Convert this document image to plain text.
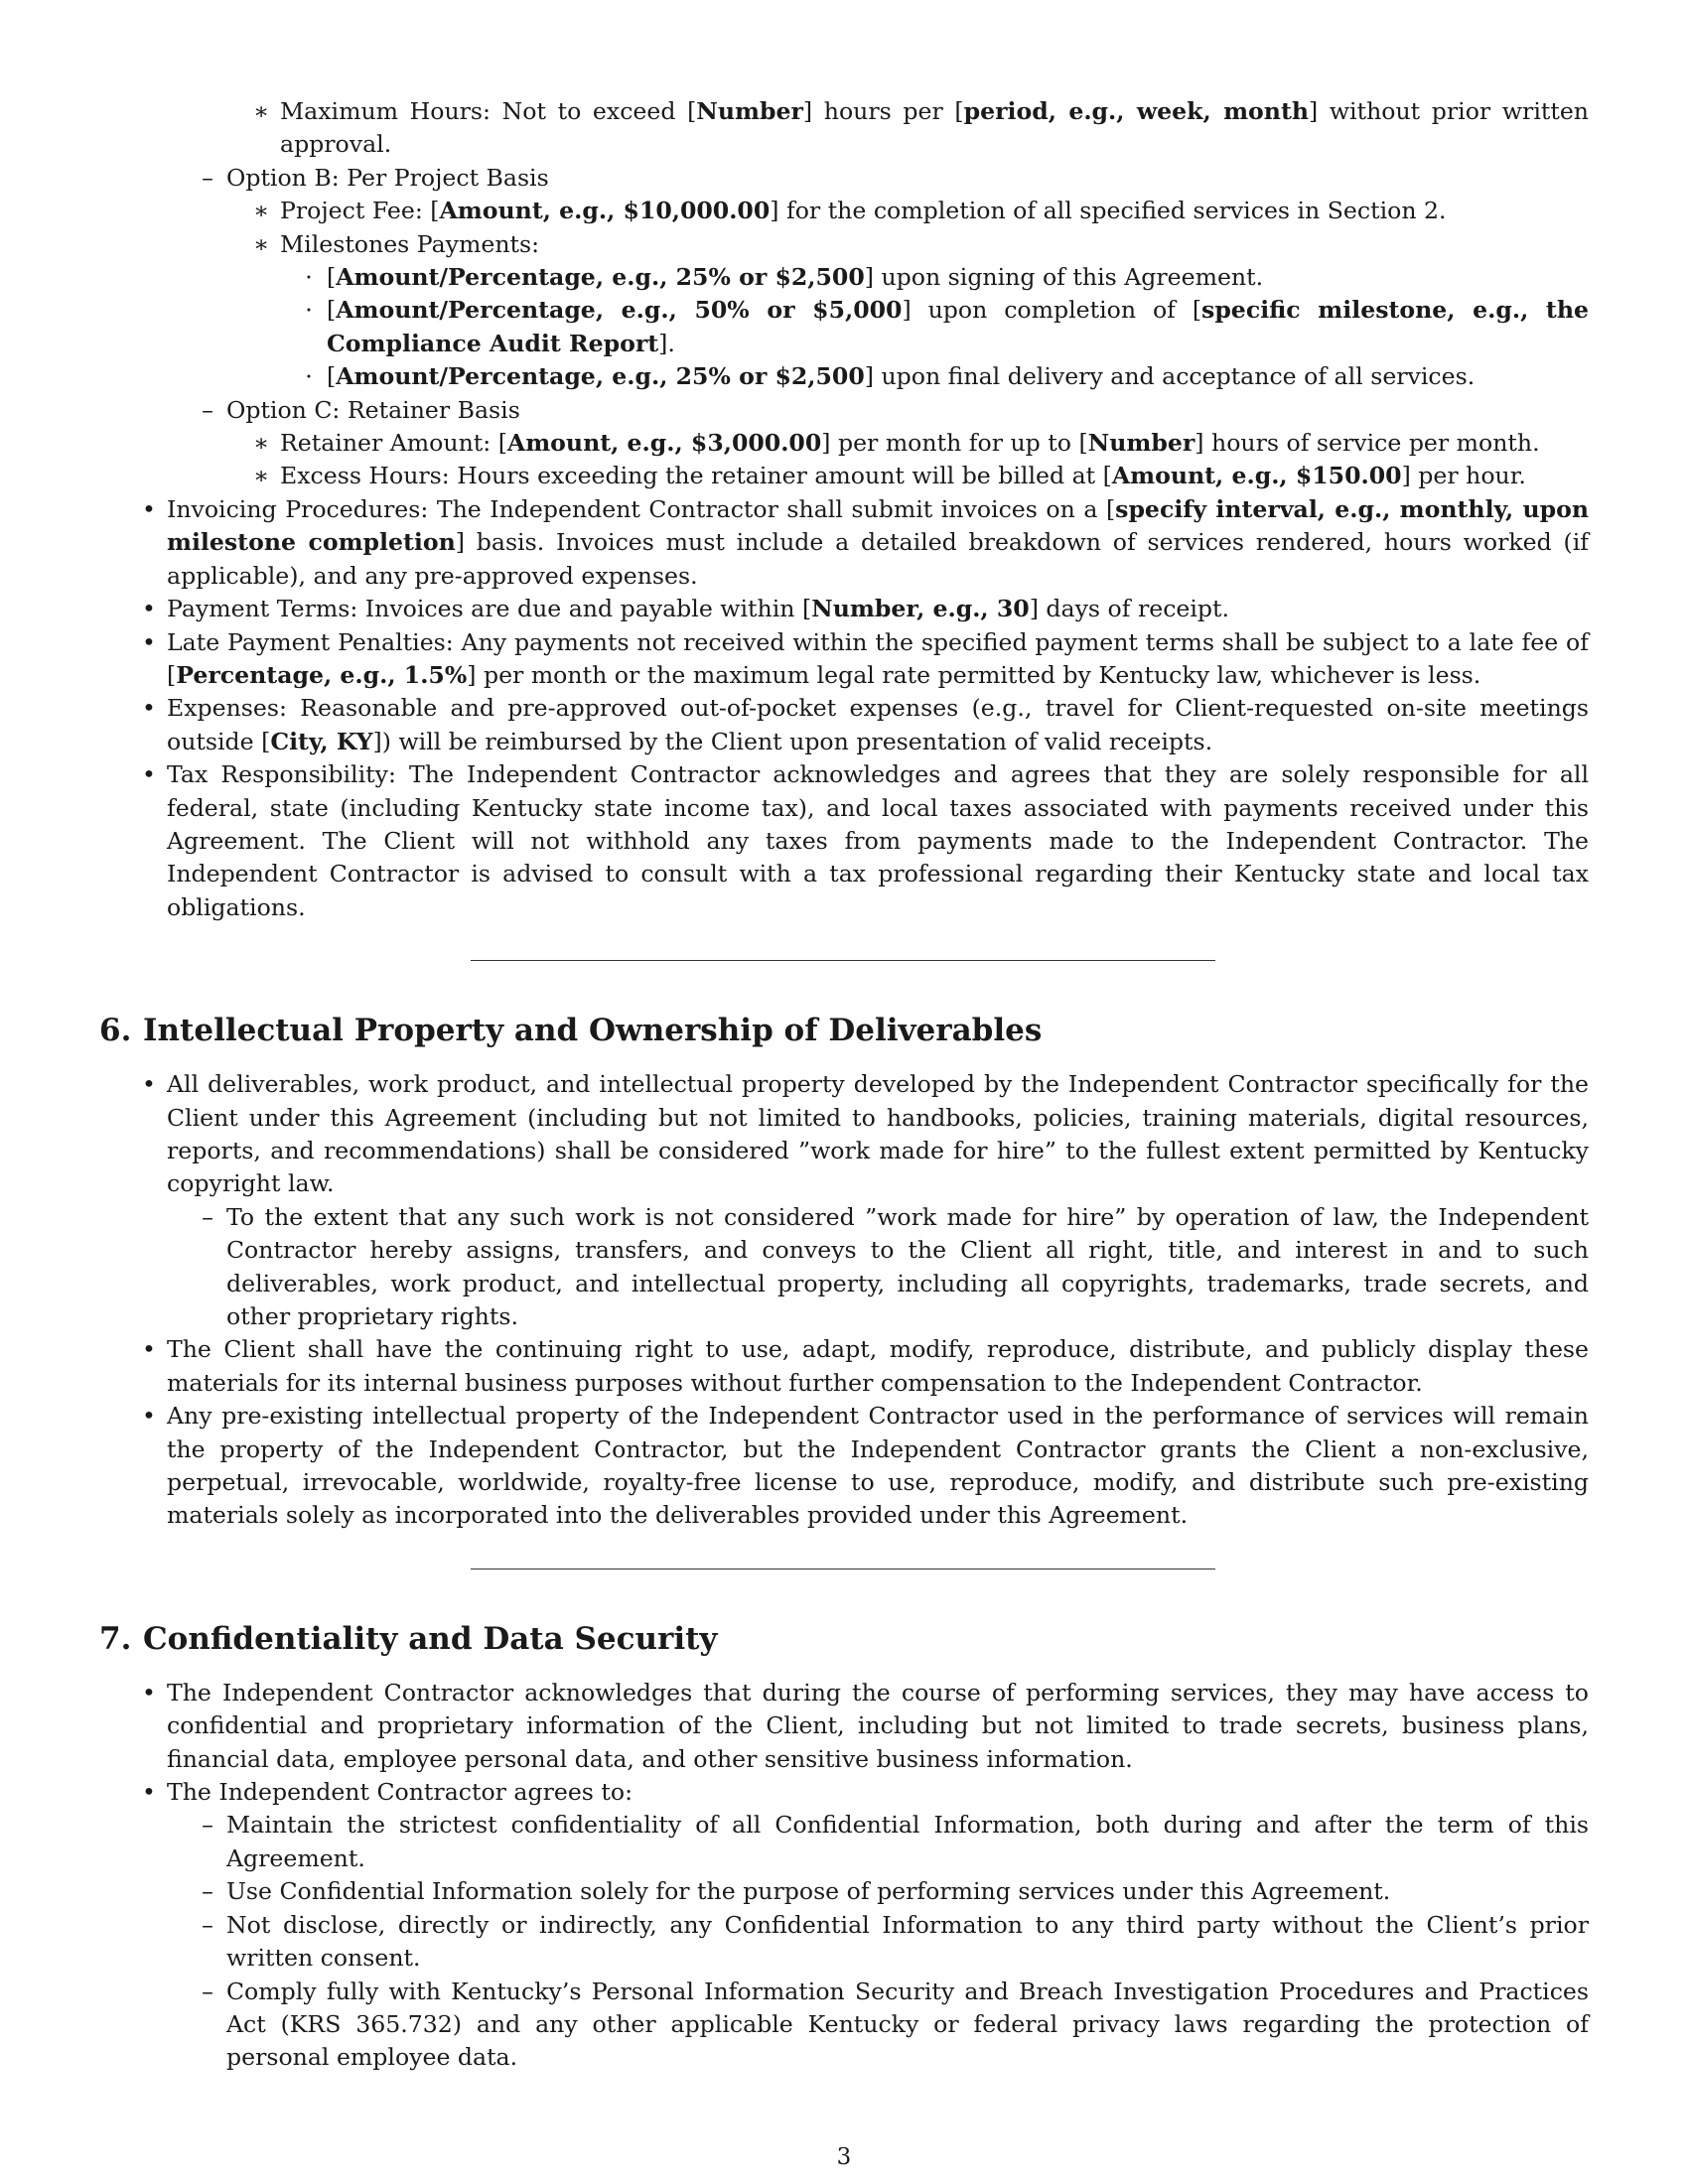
∗ Maximum Hours: Not to exceed [Number] hours per [period, e.g., week, month] without prior written approval.
– Option B: Per Project Basis
∗ Project Fee: [Amount, e.g., $10,000.00] for the completion of all specified services in Section 2.
∗ Milestones Payments:
· [Amount/Percentage, e.g., 25% or $2,500] upon signing of this Agreement.
· [Amount/Percentage, e.g., 50% or $5,000] upon completion of [specific milestone, e.g., the Compliance Audit Report].
· [Amount/Percentage, e.g., 25% or $2,500] upon final delivery and acceptance of all services.
– Option C: Retainer Basis
∗ Retainer Amount: [Amount, e.g., $3,000.00] per month for up to [Number] hours of service per month.
∗ Excess Hours: Hours exceeding the retainer amount will be billed at [Amount, e.g., $150.00] per hour.
• Invoicing Procedures: The Independent Contractor shall submit invoices on a [specify interval, e.g., monthly, upon milestone completion] basis. Invoices must include a detailed breakdown of services rendered, hours worked (if applicable), and any pre-approved expenses.
• Payment Terms: Invoices are due and payable within [Number, e.g., 30] days of receipt.
• Late Payment Penalties: Any payments not received within the specified payment terms shall be subject to a late fee of [Percentage, e.g., 1.5%] per month or the maximum legal rate permitted by Kentucky law, whichever is less.
• Expenses: Reasonable and pre-approved out-of-pocket expenses (e.g., travel for Client-requested on-site meetings outside [City, KY]) will be reimbursed by the Client upon presentation of valid receipts.
• Tax Responsibility: The Independent Contractor acknowledges and agrees that they are solely responsible for all federal, state (including Kentucky state income tax), and local taxes associated with payments received under this Agreement. The Client will not withhold any taxes from payments made to the Independent Contractor. The Independent Contractor is advised to consult with a tax professional regarding their Kentucky state and local tax obligations.
6. Intellectual Property and Ownership of Deliverables
• All deliverables, work product, and intellectual property developed by the Independent Contractor specifically for the Client under this Agreement (including but not limited to handbooks, policies, training materials, digital resources, reports, and recommendations) shall be considered ”work made for hire” to the fullest extent permitted by Kentucky copyright law.
– To the extent that any such work is not considered ”work made for hire” by operation of law, the Independent Contractor hereby assigns, transfers, and conveys to the Client all right, title, and interest in and to such deliverables, work product, and intellectual property, including all copyrights, trademarks, trade secrets, and other proprietary rights.
• The Client shall have the continuing right to use, adapt, modify, reproduce, distribute, and publicly display these materials for its internal business purposes without further compensation to the Independent Contractor.
• Any pre-existing intellectual property of the Independent Contractor used in the performance of services will remain the property of the Independent Contractor, but the Independent Contractor grants the Client a non-exclusive, perpetual, irrevocable, worldwide, royalty-free license to use, reproduce, modify, and distribute such pre-existing materials solely as incorporated into the deliverables provided under this Agreement.
7. Confidentiality and Data Security
• The Independent Contractor acknowledges that during the course of performing services, they may have access to confidential and proprietary information of the Client, including but not limited to trade secrets, business plans, financial data, employee personal data, and other sensitive business information.
• The Independent Contractor agrees to:
– Maintain the strictest confidentiality of all Confidential Information, both during and after the term of this Agreement.
– Use Confidential Information solely for the purpose of performing services under this Agreement.
– Not disclose, directly or indirectly, any Confidential Information to any third party without the Client’s prior written consent.
– Comply fully with Kentucky’s Personal Information Security and Breach Investigation Procedures and Practices Act (KRS 365.732) and any other applicable Kentucky or federal privacy laws regarding the protection of personal employee data.
3
